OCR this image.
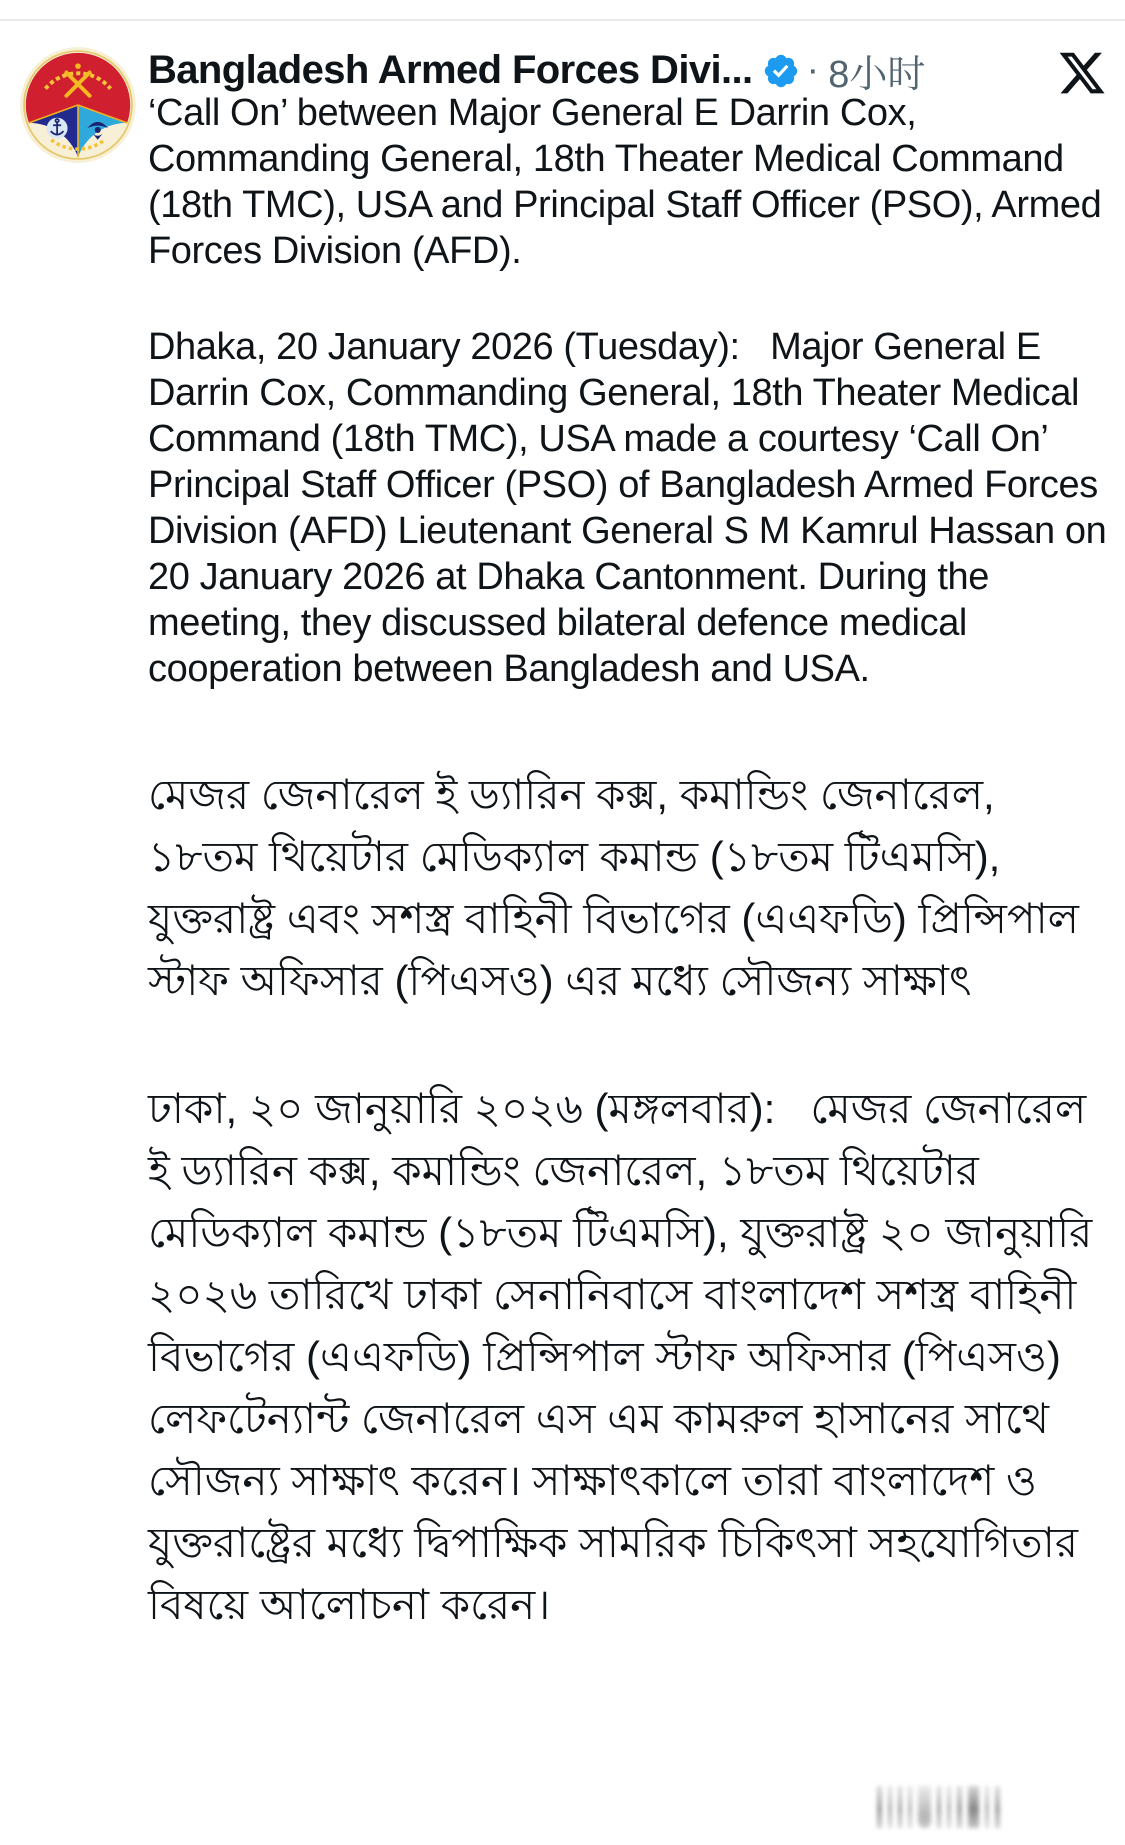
Bangladesh Armed Forces Divi... · 8小时

‘Call On’ between Major General E Darrin Cox, Commanding General, 18th Theater Medical Command (18th TMC), USA and Principal Staff Officer (PSO), Armed Forces Division (AFD).

Dhaka, 20 January 2026 (Tuesday):   Major General E Darrin Cox, Commanding General, 18th Theater Medical Command (18th TMC), USA made a courtesy ‘Call On’ Principal Staff Officer (PSO) of Bangladesh Armed Forces Division (AFD) Lieutenant General S M Kamrul Hassan on 20 January 2026 at Dhaka Cantonment. During the meeting, they discussed bilateral defence medical cooperation between Bangladesh and USA.

মেজর জেনারেল ই ড্যারিন কক্স, কমান্ডিং জেনারেল, ১৮তম থিয়েটার মেডিক্যাল কমান্ড (১৮তম টিএমসি), যুক্তরাষ্ট্র এবং সশস্ত্র বাহিনী বিভাগের (এএফডি) প্রিন্সিপাল স্টাফ অফিসার (পিএসও) এর মধ্যে সৌজন্য সাক্ষাৎ

ঢাকা, ২০ জানুয়ারি ২০২৬ (মঙ্গলবার):   মেজর জেনারেল ই ড্যারিন কক্স, কমান্ডিং জেনারেল, ১৮তম থিয়েটার মেডিক্যাল কমান্ড (১৮তম টিএমসি), যুক্তরাষ্ট্র ২০ জানুয়ারি ২০২৬ তারিখে ঢাকা সেনানিবাসে বাংলাদেশ সশস্ত্র বাহিনী বিভাগের (এএফডি) প্রিন্সিপাল স্টাফ অফিসার (পিএসও) লেফটেন্যান্ট জেনারেল এস এম কামরুল হাসানের সাথে সৌজন্য সাক্ষাৎ করেন। সাক্ষাৎকালে তারা বাংলাদেশ ও যুক্তরাষ্ট্রের মধ্যে দ্বিপাক্ষিক সামরিক চিকিৎসা সহযোগিতার বিষয়ে আলোচনা করেন।
